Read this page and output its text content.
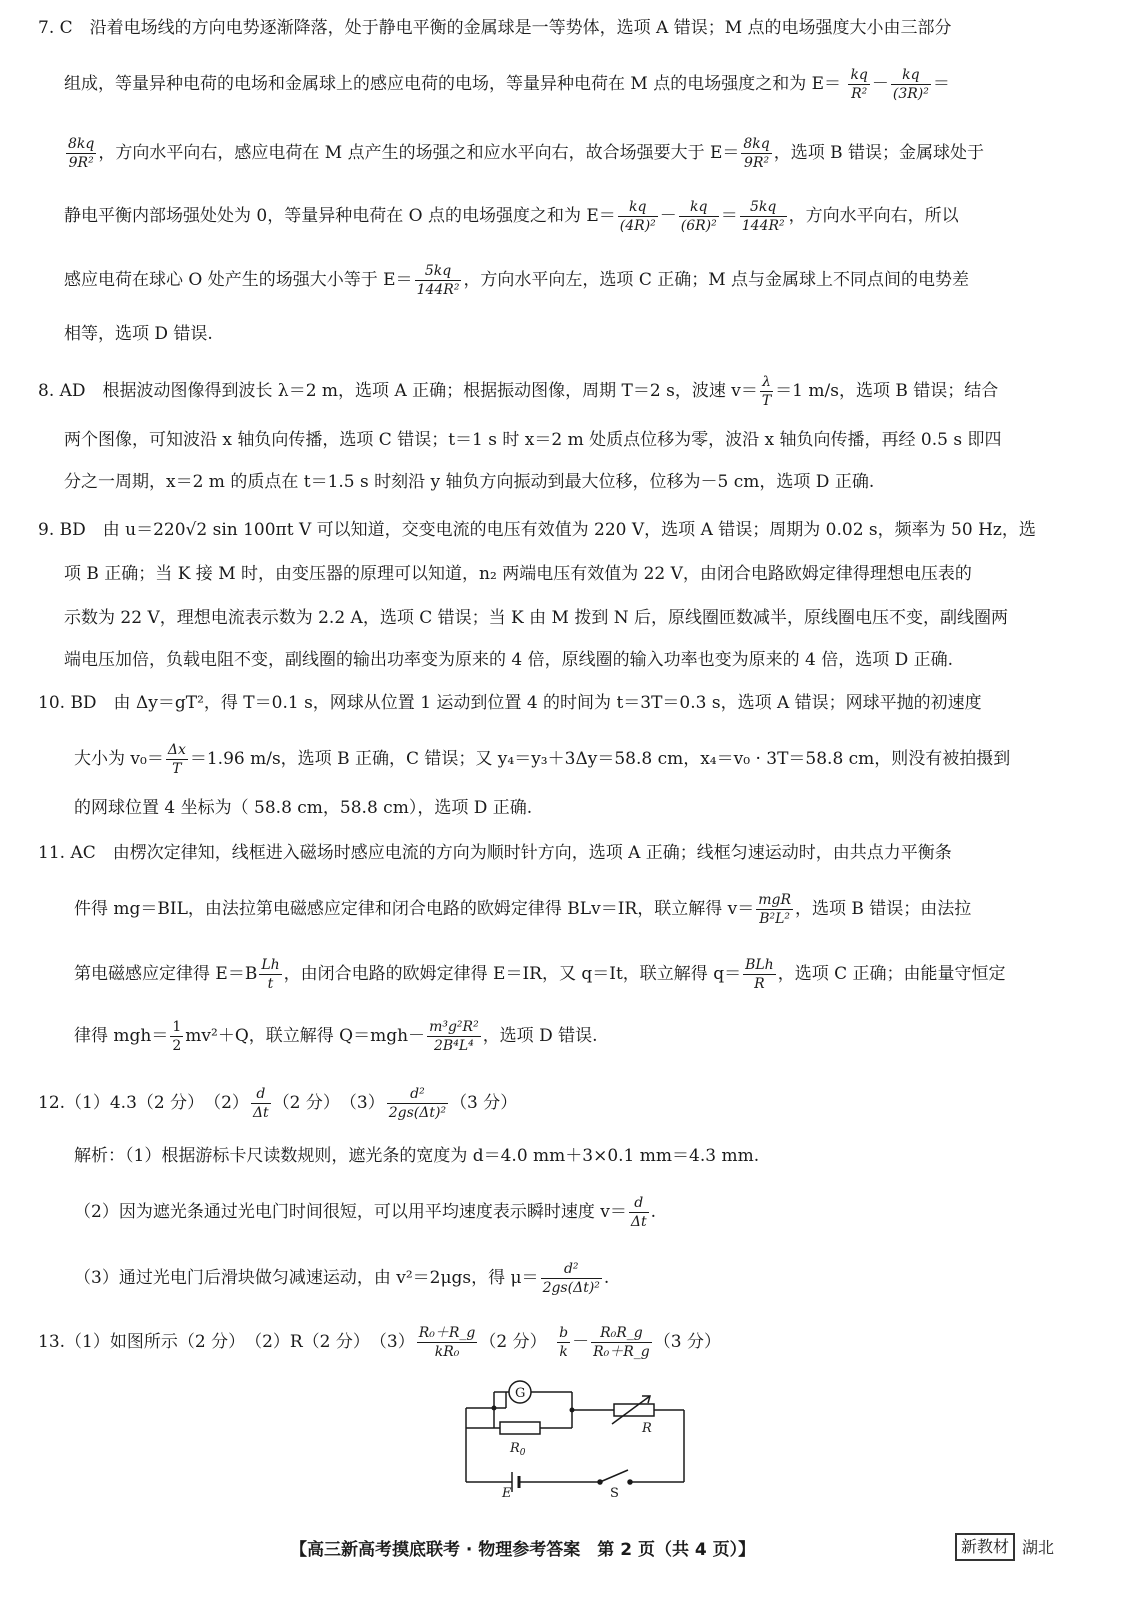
7. C　沿着电场线的方向电势逐渐降落，处于静电平衡的金属球是一等势体，选项 A 错误；M 点的电场强度大小由三部分
组成，等量异种电荷的电场和金属球上的感应电荷的电场，等量异种电荷在 M 点的电场强度之和为 $E= \frac{kq}{\text{R²}} - \frac{kq}{\text{(3R)²}}$ ＝
$\frac{8kq}{\text{9R²}}$ ，方向水平向右，感应电荷在 M 点产生的场强之和应水平向右，故合场强要大于 $E= \frac{8kq}{\text{9R²}}$ ，选项 B 错误；金属球处于
静电平衡内部场强处处为 0，等量异种电荷在 O 点的电场强度之和为 $E= \frac{kq}{\text{(4R)²}} - \frac{kq}{\text{(6R)²}} = \frac{5kq}{\text{144R²}}$ ，方向水平向右，所以
感应电荷在球心 O 处产生的场强大小等于 $E= \frac{5kq}{\text{144R²}}$ ，方向水平向左，选项 C 正确；M 点与金属球上不同点间的电势差
相等，选项 D 错误.
8. AD　根据波动图像得到波长 λ＝2 m，选项 A 正确；根据振动图像，周期 T＝2 s，波速 $v= \frac{\lambda}{T} =1$ m/s，选项 B 错误；结合
两个图像，可知波沿 x 轴负向传播，选项 C 错误；t＝1 s 时 x＝2 m 处质点位移为零，波沿 x 轴负向传播，再经 0.5 s 即四
分之一周期，x＝2 m 的质点在 t＝1.5 s 时刻沿 y 轴负方向振动到最大位移，位移为－5 cm，选项 D 正确.
9. BD　由 u＝220√2 sin 100πt V 可以知道，交变电流的电压有效值为 220 V，选项 A 错误；周期为 0.02 s，频率为 50 Hz，选
项 B 正确；当 K 接 M 时，由变压器的原理可以知道，n₂ 两端电压有效值为 22 V，由闭合电路欧姆定律得理想电压表的
示数为 22 V，理想电流表示数为 2.2 A，选项 C 错误；当 K 由 M 拨到 N 后，原线圈匝数减半，原线圈电压不变，副线圈两
端电压加倍，负载电阻不变，副线圈的输出功率变为原来的 4 倍，原线圈的输入功率也变为原来的 4 倍，选项 D 正确.
10. BD　由 Δy＝gT²，得 T＝0.1 s，网球从位置 1 运动到位置 4 的时间为 t＝3T＝0.3 s，选项 A 错误；网球平抛的初速度
大小为 $v_0= \frac{\Delta x}{T} =1.96$ m/s，选项 B 正确，C 错误；又 y₄＝y₃＋3Δy＝58.8 cm，x₄＝v₀ · 3T＝58.8 cm，则没有被拍摄到
的网球位置 4 坐标为（ 58.8 cm，58.8 cm），选项 D 正确.
11. AC　由楞次定律知，线框进入磁场时感应电流的方向为顺时针方向，选项 A 正确；线框匀速运动时，由共点力平衡条
件得 mg＝BIL，由法拉第电磁感应定律和闭合电路的欧姆定律得 BLv＝IR，联立解得 v＝ mgR
B²L² ，选项 B 错误；由法拉
第电磁感应定律得 $E=B \frac{Lh}{t}$ ，由闭合电路的欧姆定律得 E＝IR，又 q＝It，联立解得 q＝ BLh
R ，选项 C 正确；由能量守恒定
律得 $mgh= \frac{1}{2} mv^2+Q$，联立解得 $Q=mgh- \frac{\text{m³g²R²}}{\text{2B⁴L⁴}}$ ，选项 D 错误.
12.（1）4.3（2 分）　$(2) \frac{d}{\Delta t} (2$ 分）　$(3) \frac{\text{d²}}{\text{2gs(Δt)²}} (3$ 分）
解析：（1）根据游标卡尺读数规则，遮光条的宽度为 d＝4.0 mm＋3×0.1 mm＝4.3 mm.
（2）因为遮光条通过光电门时间很短，可以用平均速度表示瞬时速度 $v= \frac{d}{\Delta t}$ .
（3）通过光电门后滑块做匀减速运动，由 v²＝2μgs，得 $\mu= \frac{\text{d²}}{\text{2gs(Δt)²}}$ .
13.（1）如图所示（2 分）　（2）R（2 分）　$(3) \frac{\text{R₀＋R\_g}}{\text{kR₀}} (2$ 分）　 $\frac{b}{k} - \frac{\text{R₀R\_g}}{\text{R₀＋R\_g}} (3$ 分）
G
$R_0$
R
E	S
【高三新高考摸底联考 · 物理参考答案　第 2 页（共 4 页）】	新教材 湖北
